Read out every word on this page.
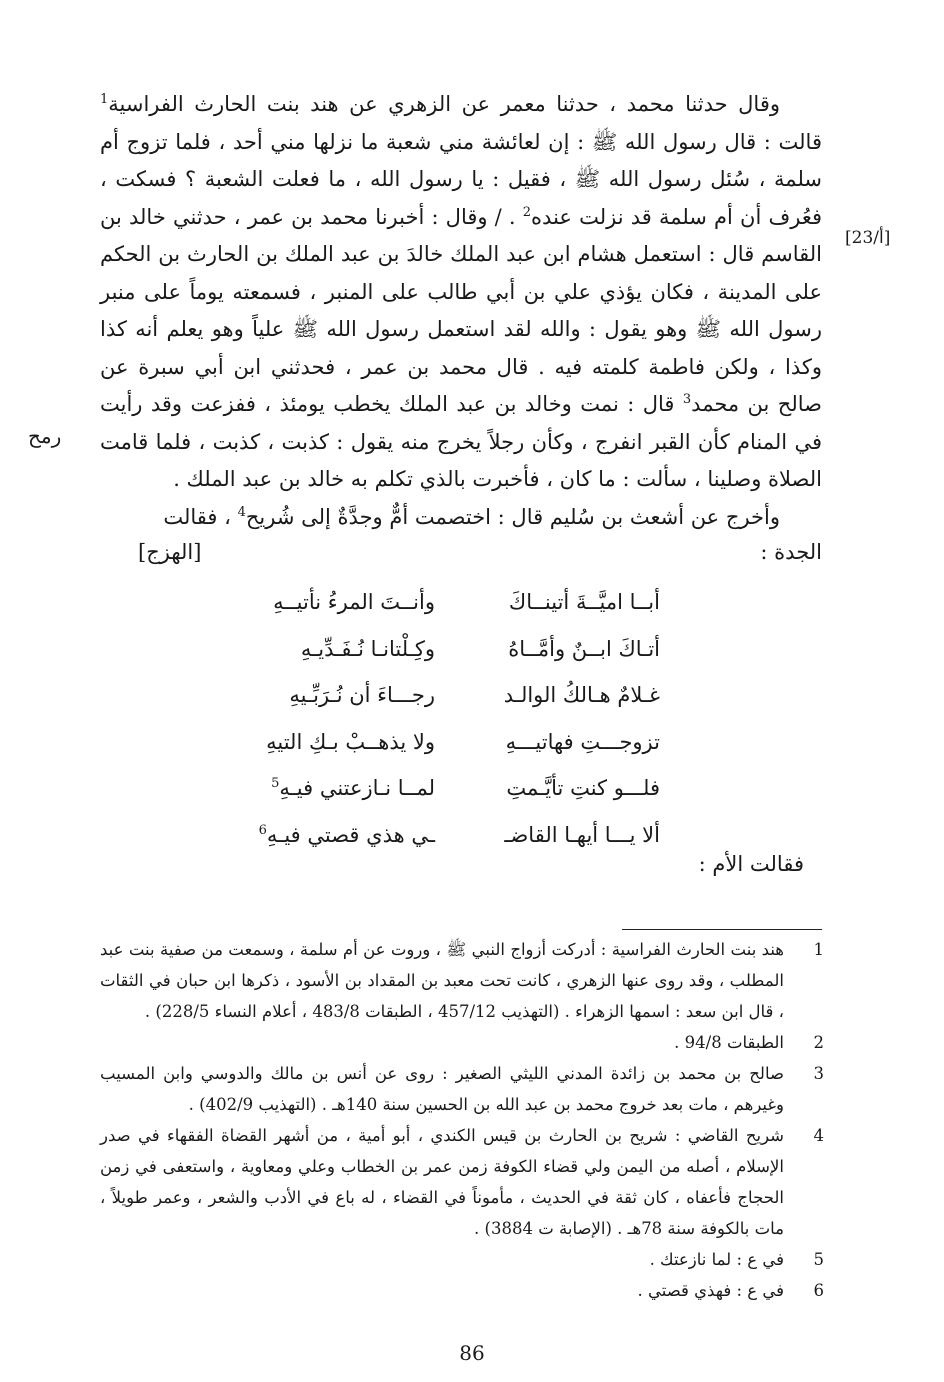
[23/أ]
رمح

وقال حدثنا محمد ، حدثنا معمر عن الزهري عن هند بنت الحارث الفراسية$^1$ قالت : قال رسول الله ﷺ : إن لعائشة مني شعبة ما نزلها مني أحد ، فلما تزوج أم سلمة ، سُئل رسول الله ﷺ ، فقيل : يا رسول الله ، ما فعلت الشعبة ؟ فسكت ، فعُرف أن أم سلمة قد نزلت عنده$^2$ . / وقال : أخبرنا محمد بن عمر ، حدثني خالد بن القاسم قال : استعمل هشام ابن عبد الملك خالدَ بن عبد الملك بن الحارث بن الحكم على المدينة ، فكان يؤذي علي بن أبي طالب على المنبر ، فسمعته يوماً على منبر رسول الله ﷺ وهو يقول : والله لقد استعمل رسول الله ﷺ علياً وهو يعلم أنه كذا وكذا ، ولكن فاطمة كلمته فيه . قال محمد بن عمر ، فحدثني ابن أبي سبرة عن صالح بن محمد$^3$ قال : نمت وخالد بن عبد الملك يخطب يومئذ ، ففزعت وقد رأيت في المنام كأن القبر انفرج ، وكأن رجلاً يخرج منه يقول : كذبت ، كذبت ، فلما قامت الصلاة وصلينا ، سألت : ما كان ، فأخبرت بالذي تكلم به خالد بن عبد الملك .

وأخرج عن أشعث بن سُليم قال : اختصمت أمٌّ وجدَّةٌ إلى شُريح$^4$ ، فقالت

الجدة :
[الهزج]
أبــا اميَّــةَ أتينــاكَ
وأنــتَ المرءُ نأتيــهِ
أتـاكَ ابــنٌ وأمَّــاهُ
وكِـلْتانـا نُـفَـدِّيـهِ
غـلامٌ هـالكُ الوالـد
رجـــاءَ أن نُـرَبِّـيهِ
تزوجـــتِ فهاتيـــهِ
ولا يذهــبْ بـكِ التيهِ
فلـــو كنتِ تأيَّـمتِ
لمــا نـازعتني فيـهِ$^5$
ألا يـــا أيهـا القاضـ
ـي هذي قصتي فيـهِ$^6$
فقالت الأم :
1
هند بنت الحارث الفراسية : أدركت أزواج النبي ﷺ ، وروت عن أم سلمة ، وسمعت من صفية بنت عبد المطلب ، وقد روى عنها الزهري ، كانت تحت معبد بن المقداد بن الأسود ، ذكرها ابن حبان في الثقات ، قال ابن سعد : اسمها الزهراء . (التهذيب 457/12 ، الطبقات 483/8 ، أعلام النساء 228/5) .
2
الطبقات 94/8 .
3
صالح بن محمد بن زائدة المدني الليثي الصغير : روى عن أنس بن مالك والدوسي وابن المسيب وغيرهم ، مات بعد خروج محمد بن عبد الله بن الحسين سنة 140هـ . (التهذيب 402/9) .
4
شريح القاضي : شريح بن الحارث بن قيس الكندي ، أبو أمية ، من أشهر القضاة الفقهاء في صدر الإسلام ، أصله من اليمن ولي قضاء الكوفة زمن عمر بن الخطاب وعلي ومعاوية ، واستعفى في زمن الحجاج فأعفاه ، كان ثقة في الحديث ، مأموناً في القضاء ، له باع في الأدب والشعر ، وعمر طويلاً ، مات بالكوفة سنة 78هـ . (الإصابة ت 3884) .
5
في ع : لما نازعتك .
6
في ع : فهذي قصتي .
86
